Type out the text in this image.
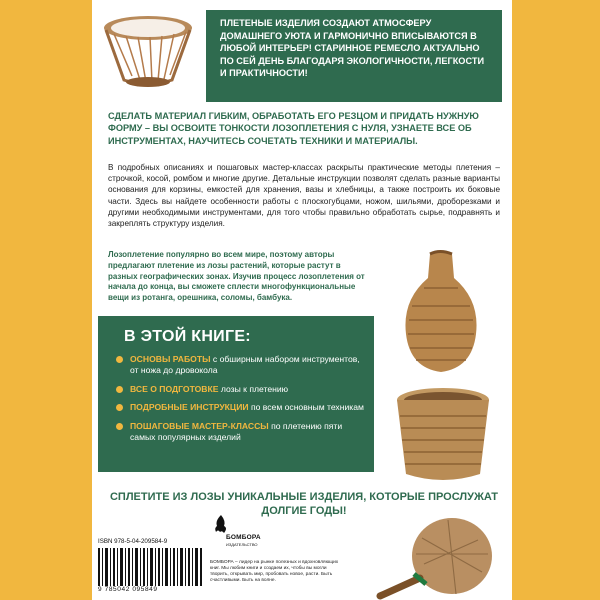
ПЛЕТЕНЫЕ ИЗДЕЛИЯ СОЗДАЮТ АТМОСФЕРУ ДОМАШНЕГО УЮТА И ГАРМОНИЧНО ВПИСЫВАЮТСЯ В ЛЮБОЙ ИНТЕРЬЕР! СТАРИННОЕ РЕМЕСЛО АКТУАЛЬНО ПО СЕЙ ДЕНЬ БЛАГОДАРЯ ЭКОЛОГИЧНОСТИ, ЛЕГКОСТИ И ПРАКТИЧНОСТИ!
СДЕЛАТЬ МАТЕРИАЛ ГИБКИМ, ОБРАБОТАТЬ ЕГО РЕЗЦОМ И ПРИДАТЬ НУЖНУЮ ФОРМУ – ВЫ ОСВОИТЕ ТОНКОСТИ ЛОЗОПЛЕТЕНИЯ С НУЛЯ, УЗНАЕТЕ ВСЕ ОБ ИНСТРУМЕНТАХ, НАУЧИТЕСЬ СОЧЕТАТЬ ТЕХНИКИ И МАТЕРИАЛЫ.
В подробных описаниях и пошаговых мастер-классах раскрыты практические методы плетения – строчкой, косой, ромбом и многие другие. Детальные инструкции позволят сделать разные варианты основания для корзины, емкостей для хранения, вазы и хлебницы, а также построить их боковые части. Здесь вы найдете особенности работы с плоскогубцами, ножом, шильями, дроборезками и другими необходимыми инструментами, для того чтобы правильно обработать сырье, подравнять и закреплять структуру изделия.
Лозоплетение популярно во всем мире, поэтому авторы предлагают плетение из лозы растений, которые растут в разных географических зонах. Изучив процесс лозоплетения от начала до конца, вы сможете сплести многофункциональные вещи из ротанга, орешника, соломы, бамбука.
В ЭТОЙ КНИГЕ:
ОСНОВЫ РАБОТЫ с обширным набором инструментов, от ножа до дровокола
ВСЕ О ПОДГОТОВКЕ лозы к плетению
ПОДРОБНЫЕ ИНСТРУКЦИИ по всем основным техникам
ПОШАГОВЫЕ МАСТЕР-КЛАССЫ по плетению пяти самых популярных изделий
СПЛЕТИТЕ ИЗ ЛОЗЫ УНИКАЛЬНЫЕ ИЗДЕЛИЯ, КОТОРЫЕ ПРОСЛУЖАТ ДОЛГИЕ ГОДЫ!
БОМБОРА
ИЗДАТЕЛЬСТВО
ISBN 978-5-04-209584-9
9 785042 095849
БОМБОРА – лидер на рынке полезных и вдохновляющих книг. Мы любим книги и создаем их, чтобы вы могли творить, открывать мир, пробовать новое, расти. Быть счастливыми. Быть на волне.
